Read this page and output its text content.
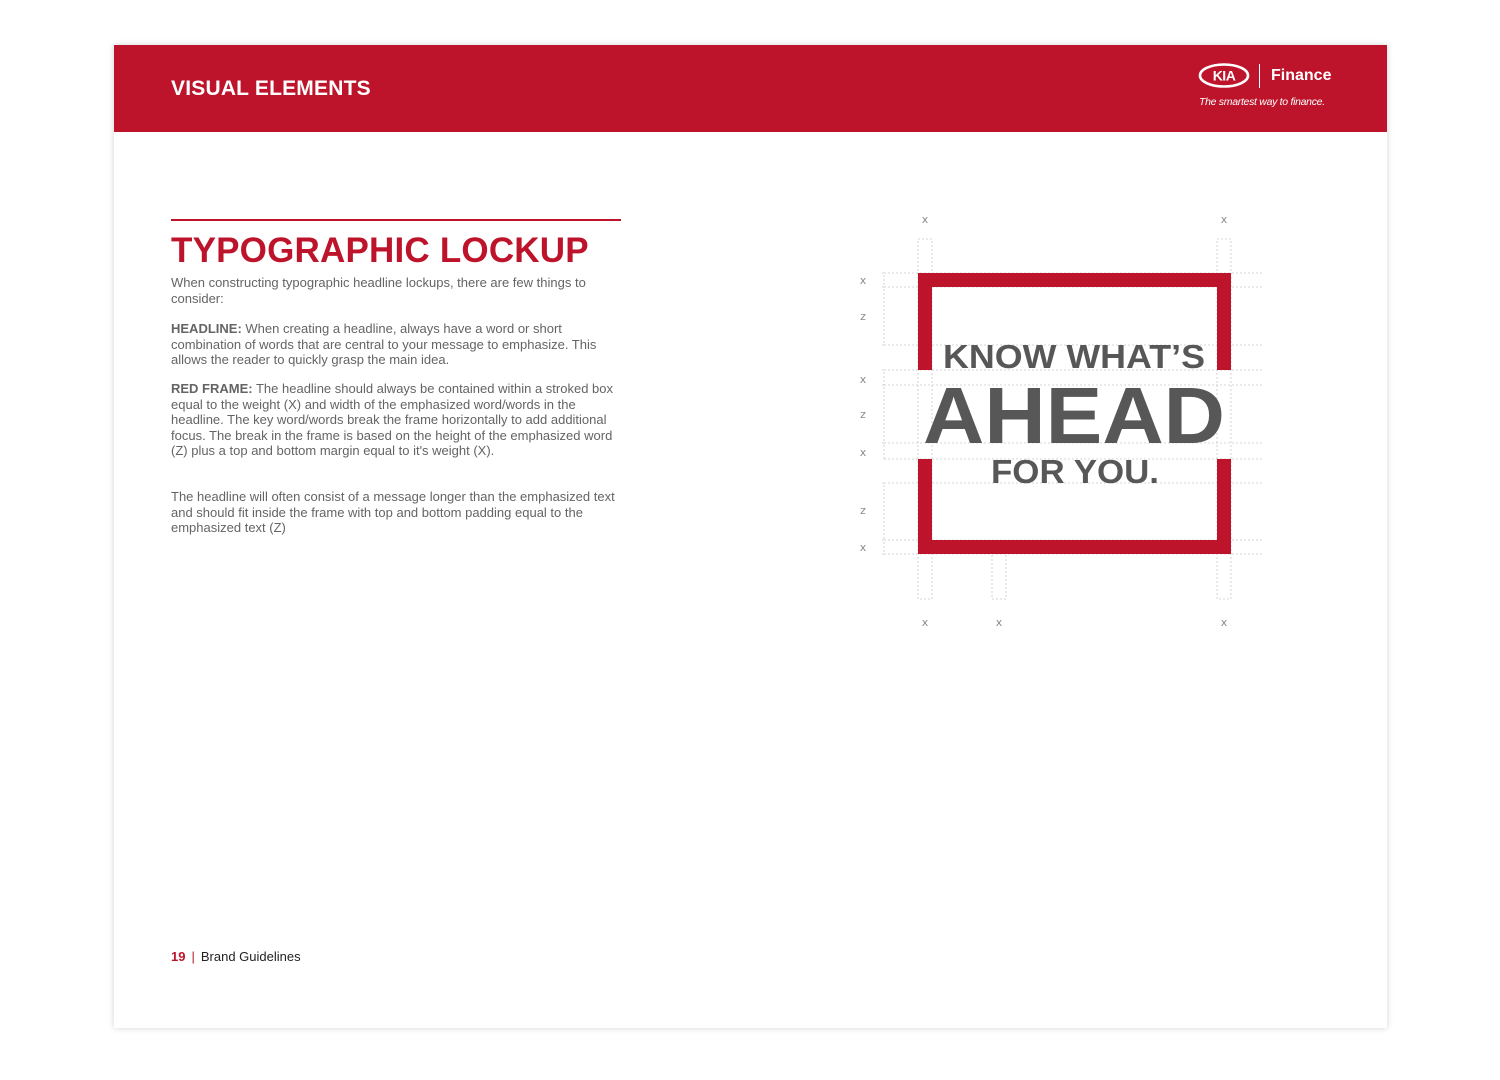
VISUAL ELEMENTS
KIA Finance
The smartest way to finance.
TYPOGRAPHIC LOCKUP
When constructing typographic headline lockups, there are few things to consider:
HEADLINE: When creating a headline, always have a word or short combination of words that are central to your message to emphasize. This allows the reader to quickly grasp the main idea.
RED FRAME: The headline should always be contained within a stroked box equal to the weight (X) and width of the emphasized word/words in the headline. The key word/words break the frame horizontally to add additional focus. The break in the frame is based on the height of the emphasized word (Z) plus a top and bottom margin equal to it's weight (X).
The headline will often consist of a message longer than the emphasized text and should fit inside the frame with top and bottom padding equal to the emphasized text (Z)
KNOW WHAT’S
AHEAD
FOR YOU.
x	x
x
z
x
z
x
z
x
x	x	x
19 | Brand Guidelines
